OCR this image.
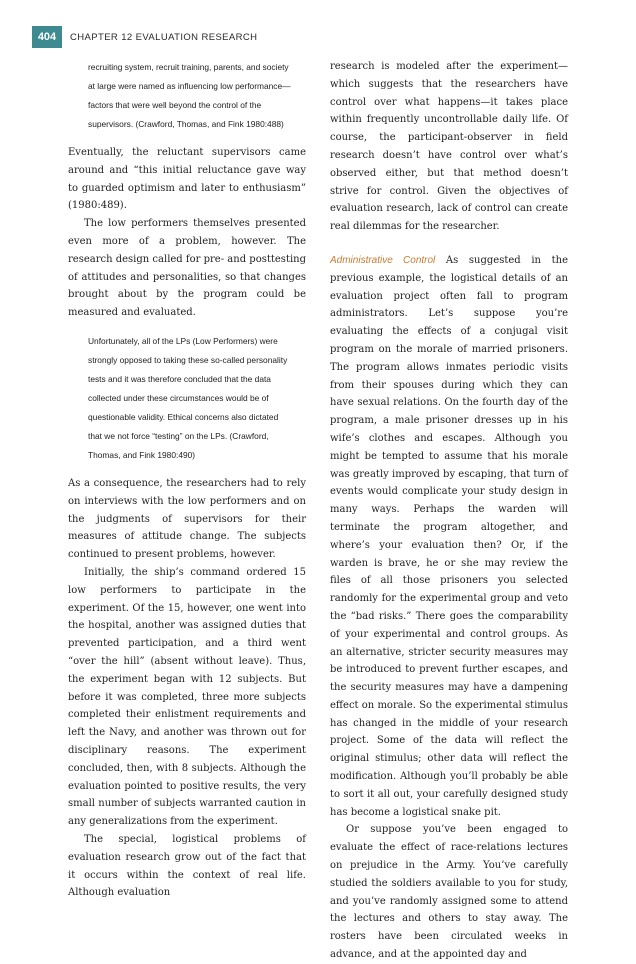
404	CHAPTER 12 EVALUATION RESEARCH

recruiting system, recruit training, parents, and society at large were named as influencing low performance—factors that were well beyond the control of the supervisors. (Crawford, Thomas, and Fink 1980:488)

Eventually, the reluctant supervisors came around and “this initial reluctance gave way to guarded optimism and later to enthusiasm” (1980:489).

The low performers themselves presented even more of a problem, however. The research design called for pre- and posttesting of attitudes and personalities, so that changes brought about by the program could be measured and evaluated.

Unfortunately, all of the LPs (Low Performers) were strongly opposed to taking these so-called personality tests and it was therefore concluded that the data collected under these circumstances would be of questionable validity. Ethical concerns also dictated that we not force “testing” on the LPs. (Crawford, Thomas, and Fink 1980:490)

As a consequence, the researchers had to rely on interviews with the low performers and on the judgments of supervisors for their measures of attitude change. The subjects continued to present problems, however.

Initially, the ship’s command ordered 15 low performers to participate in the experiment. Of the 15, however, one went into the hospital, another was assigned duties that prevented participation, and a third went “over the hill” (absent without leave). Thus, the experiment began with 12 subjects. But before it was completed, three more subjects completed their enlistment requirements and left the Navy, and another was thrown out for disciplinary reasons. The experiment concluded, then, with 8 subjects. Although the evaluation pointed to positive results, the very small number of subjects warranted caution in any generalizations from the experiment.

The special, logistical problems of evaluation research grow out of the fact that it occurs within the context of real life. Although evaluation

research is modeled after the experiment—which suggests that the researchers have control over what happens—it takes place within frequently uncontrollable daily life. Of course, the participant-observer in field research doesn’t have control over what’s observed either, but that method doesn’t strive for control. Given the objectives of evaluation research, lack of control can create real dilemmas for the researcher.

Administrative Control As suggested in the previous example, the logistical details of an evaluation project often fall to program administrators. Let’s suppose you’re evaluating the effects of a conjugal visit program on the morale of married prisoners. The program allows inmates periodic visits from their spouses during which they can have sexual relations. On the fourth day of the program, a male prisoner dresses up in his wife’s clothes and escapes. Although you might be tempted to assume that his morale was greatly improved by escaping, that turn of events would complicate your study design in many ways. Perhaps the warden will terminate the program altogether, and where’s your evaluation then? Or, if the warden is brave, he or she may review the files of all those prisoners you selected randomly for the experimental group and veto the “bad risks.” There goes the comparability of your experimental and control groups. As an alternative, stricter security measures may be introduced to prevent further escapes, and the security measures may have a dampening effect on morale. So the experimental stimulus has changed in the middle of your research project. Some of the data will reflect the original stimulus; other data will reflect the modification. Although you’ll probably be able to sort it all out, your carefully designed study has become a logistical snake pit.

Or suppose you’ve been engaged to evaluate the effect of race-relations lectures on prejudice in the Army. You’ve carefully studied the soldiers available to you for study, and you’ve randomly assigned some to attend the lectures and others to stay away. The rosters have been circulated weeks in advance, and at the appointed day and
